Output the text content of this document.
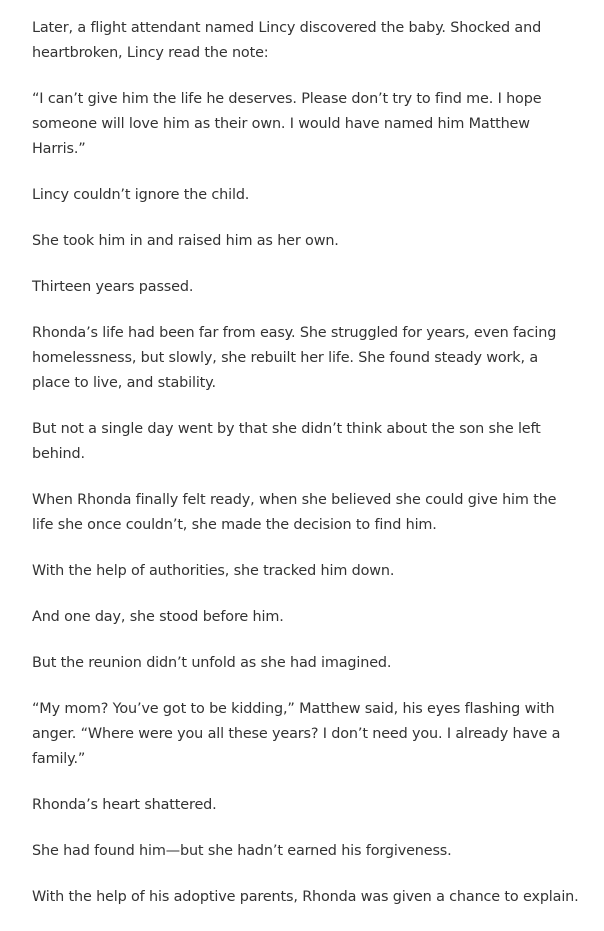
Later, a flight attendant named Lincy discovered the baby. Shocked and heartbroken, Lincy read the note:

“I can’t give him the life he deserves. Please don’t try to find me. I hope someone will love him as their own. I would have named him Matthew Harris.”

Lincy couldn’t ignore the child.

She took him in and raised him as her own.

Thirteen years passed.

Rhonda’s life had been far from easy. She struggled for years, even facing homelessness, but slowly, she rebuilt her life. She found steady work, a place to live, and stability.

But not a single day went by that she didn’t think about the son she left behind.

When Rhonda finally felt ready, when she believed she could give him the life she once couldn’t, she made the decision to find him.

With the help of authorities, she tracked him down.

And one day, she stood before him.

But the reunion didn’t unfold as she had imagined.

“My mom? You’ve got to be kidding,” Matthew said, his eyes flashing with anger. “Where were you all these years? I don’t need you. I already have a family.”

Rhonda’s heart shattered.

She had found him—but she hadn’t earned his forgiveness.

With the help of his adoptive parents, Rhonda was given a chance to explain.
